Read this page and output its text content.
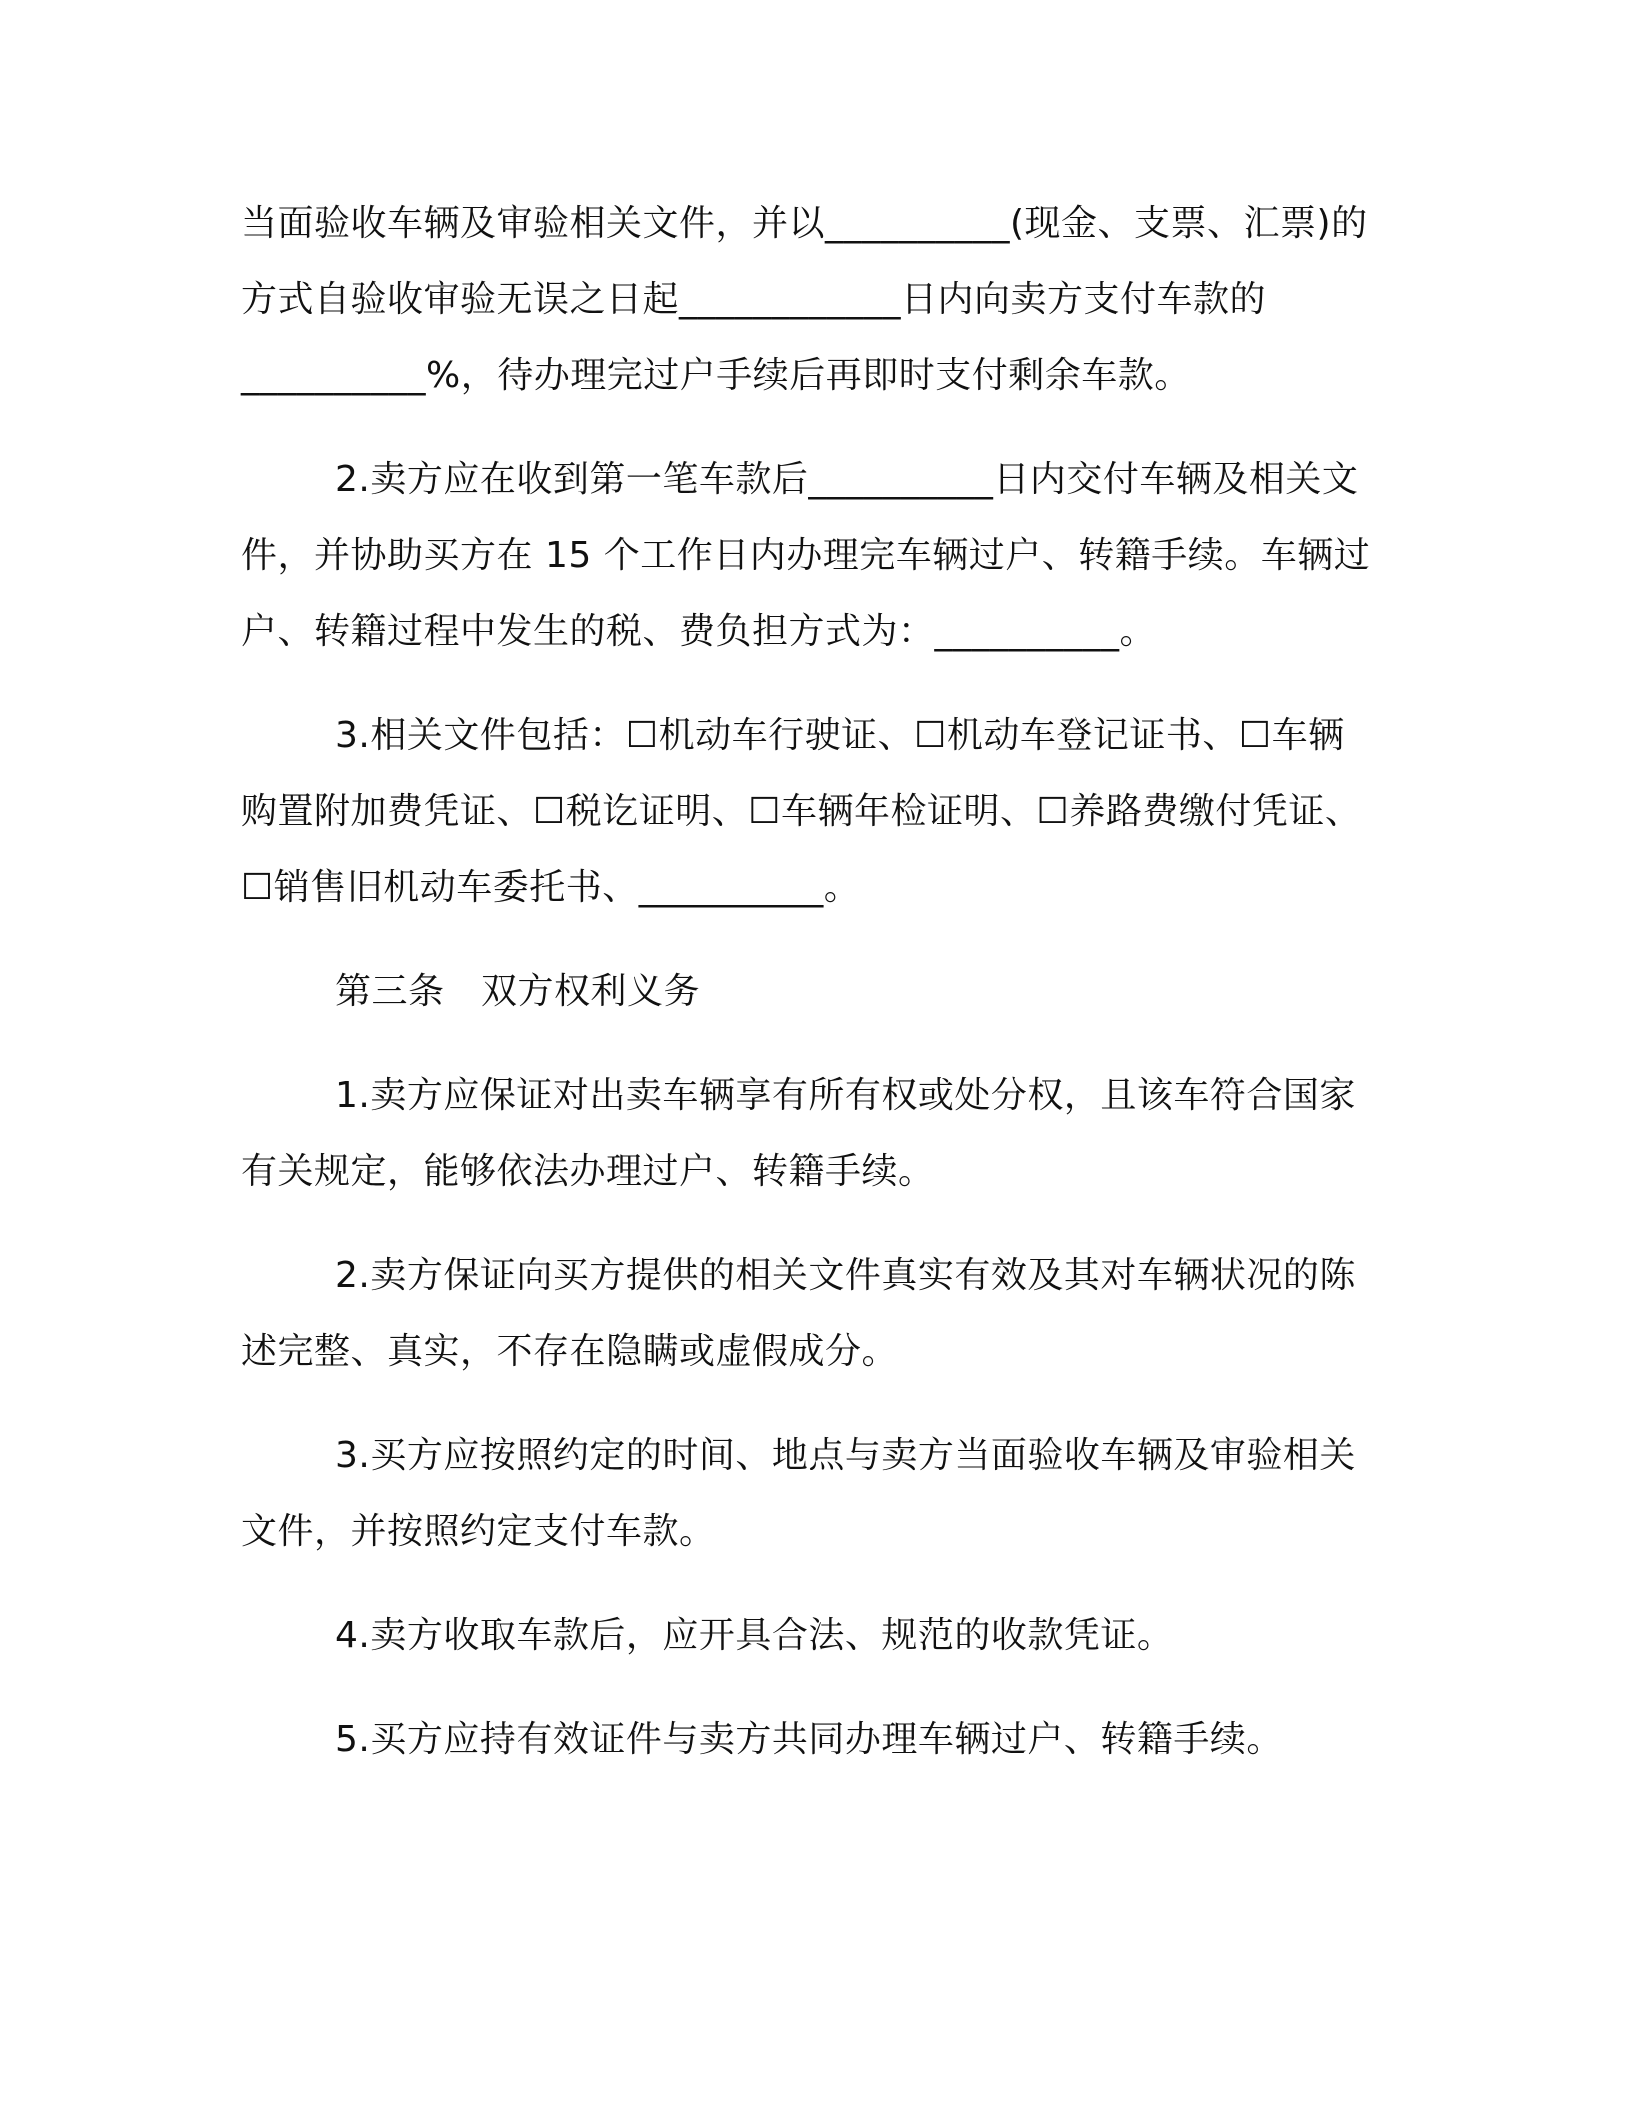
当面验收车辆及审验相关文件，并以__________(现金、支票、汇票)的
方式自验收审验无误之日起____________日内向卖方支付车款的
__________%，待办理完过户手续后再即时支付剩余车款。
2.卖方应在收到第一笔车款后__________日内交付车辆及相关文
件，并协助买方在 15 个工作日内办理完车辆过户、转籍手续。车辆过
户、转籍过程中发生的税、费负担方式为：__________。
3.相关文件包括：☐机动车行驶证、☐机动车登记证书、☐车辆
购置附加费凭证、☐税讫证明、☐车辆年检证明、☐养路费缴付凭证、
☐销售旧机动车委托书、__________。
第三条　双方权利义务
1.卖方应保证对出卖车辆享有所有权或处分权，且该车符合国家
有关规定，能够依法办理过户、转籍手续。
2.卖方保证向买方提供的相关文件真实有效及其对车辆状况的陈
述完整、真实，不存在隐瞒或虚假成分。
3.买方应按照约定的时间、地点与卖方当面验收车辆及审验相关
文件，并按照约定支付车款。
4.卖方收取车款后，应开具合法、规范的收款凭证。
5.买方应持有效证件与卖方共同办理车辆过户、转籍手续。
